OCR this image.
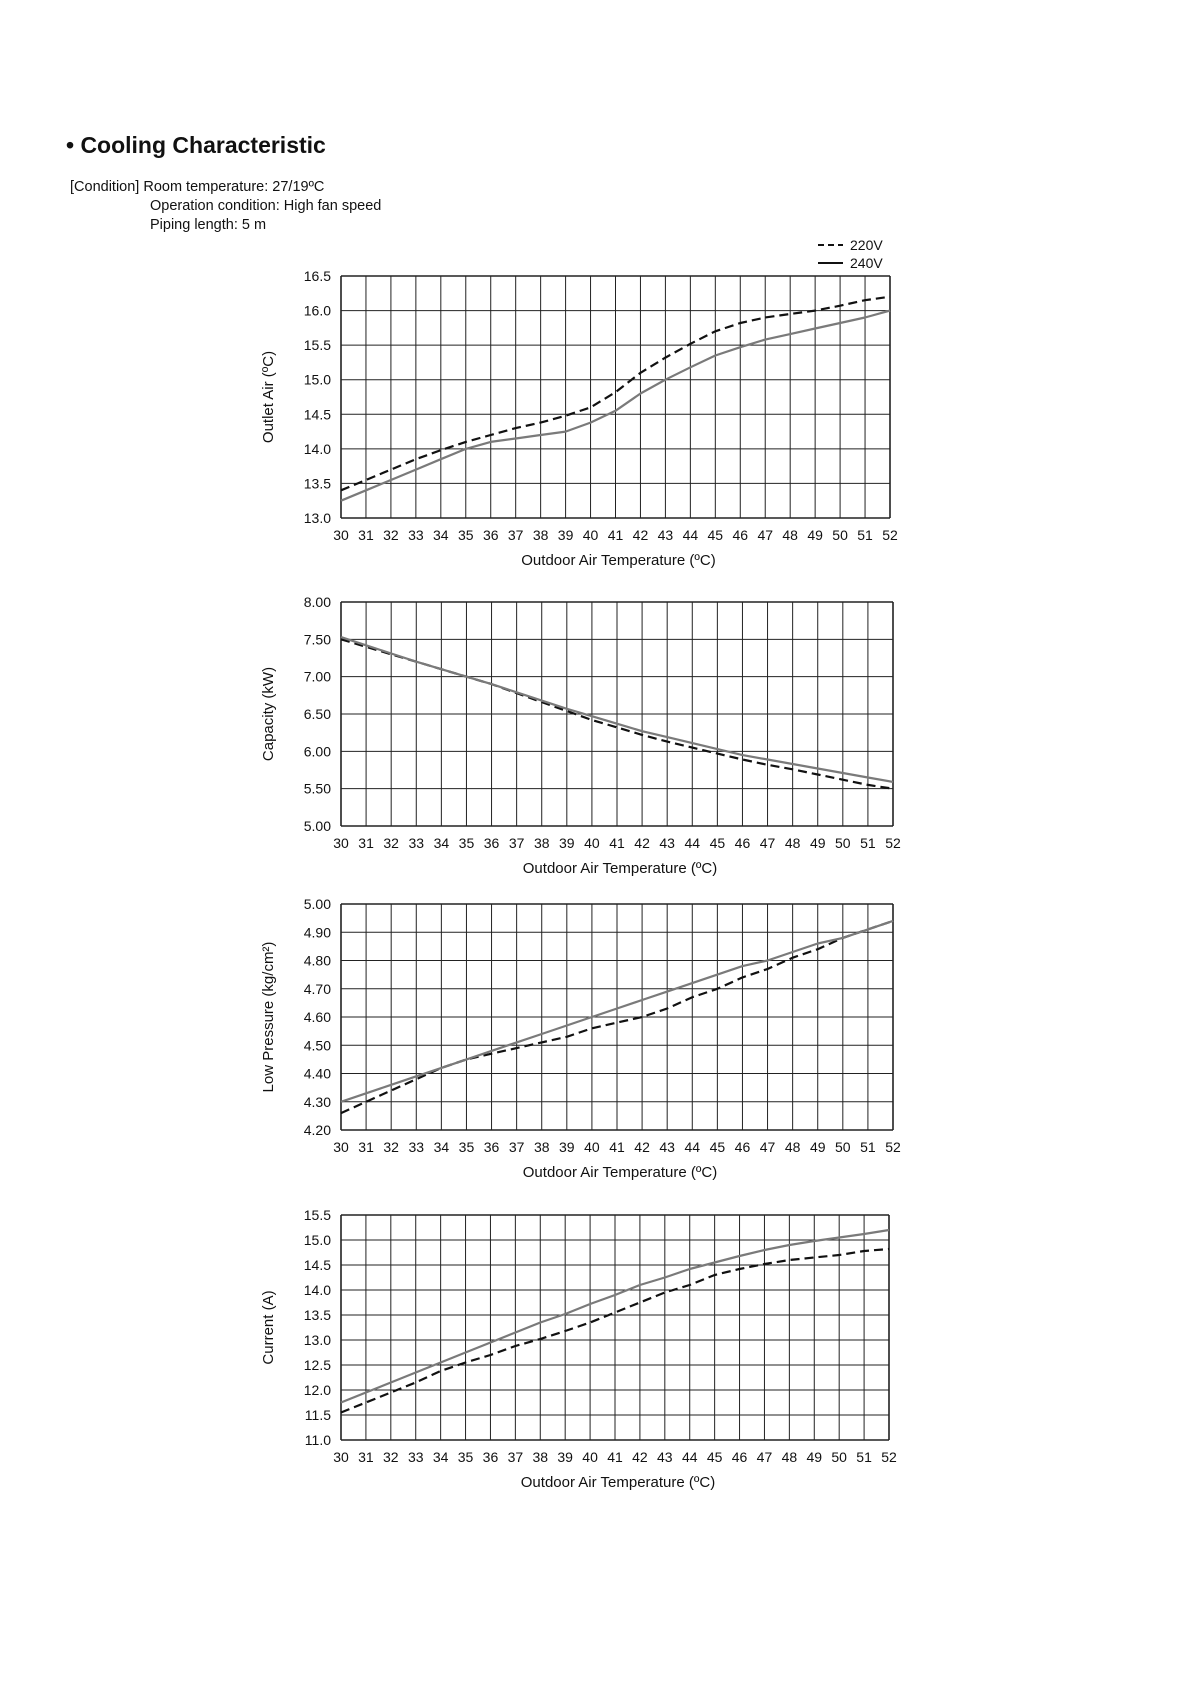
• Cooling Characteristic
[Condition] Room temperature: 27/19ºC
Operation condition: High fan speed
Piping length: 5 m
220V
240V
30 31 32 33 34 35 36 37 38 39 40 41 42 43 44 45 46 47 48 49 50 51 52
13.0
13.5
14.0
14.5
15.0
15.5
16.0
16.5
Outdoor Air Temperature (ºC)
Outlet Air (ºC)
30 31 32 33 34 35 36 37 38 39 40 41 42 43 44 45 46 47 48 49 50 51 52
5.00
5.50
6.00
6.50
7.00
7.50
8.00
Outdoor Air Temperature (ºC)
Capacity (kW)
30 31 32 33 34 35 36 37 38 39 40 41 42 43 44 45 46 47 48 49 50 51 52
4.20
4.30
4.40
4.50
4.60
4.70
4.80
4.90
5.00
Outdoor Air Temperature (ºC)
Low Pressure (kg/cm²)
30 31 32 33 34 35 36 37 38 39 40 41 42 43 44 45 46 47 48 49 50 51 52
11.0
11.5
12.0
12.5
13.0
13.5
14.0
14.5
15.0
15.5
Outdoor Air Temperature (ºC)
Current (A)
